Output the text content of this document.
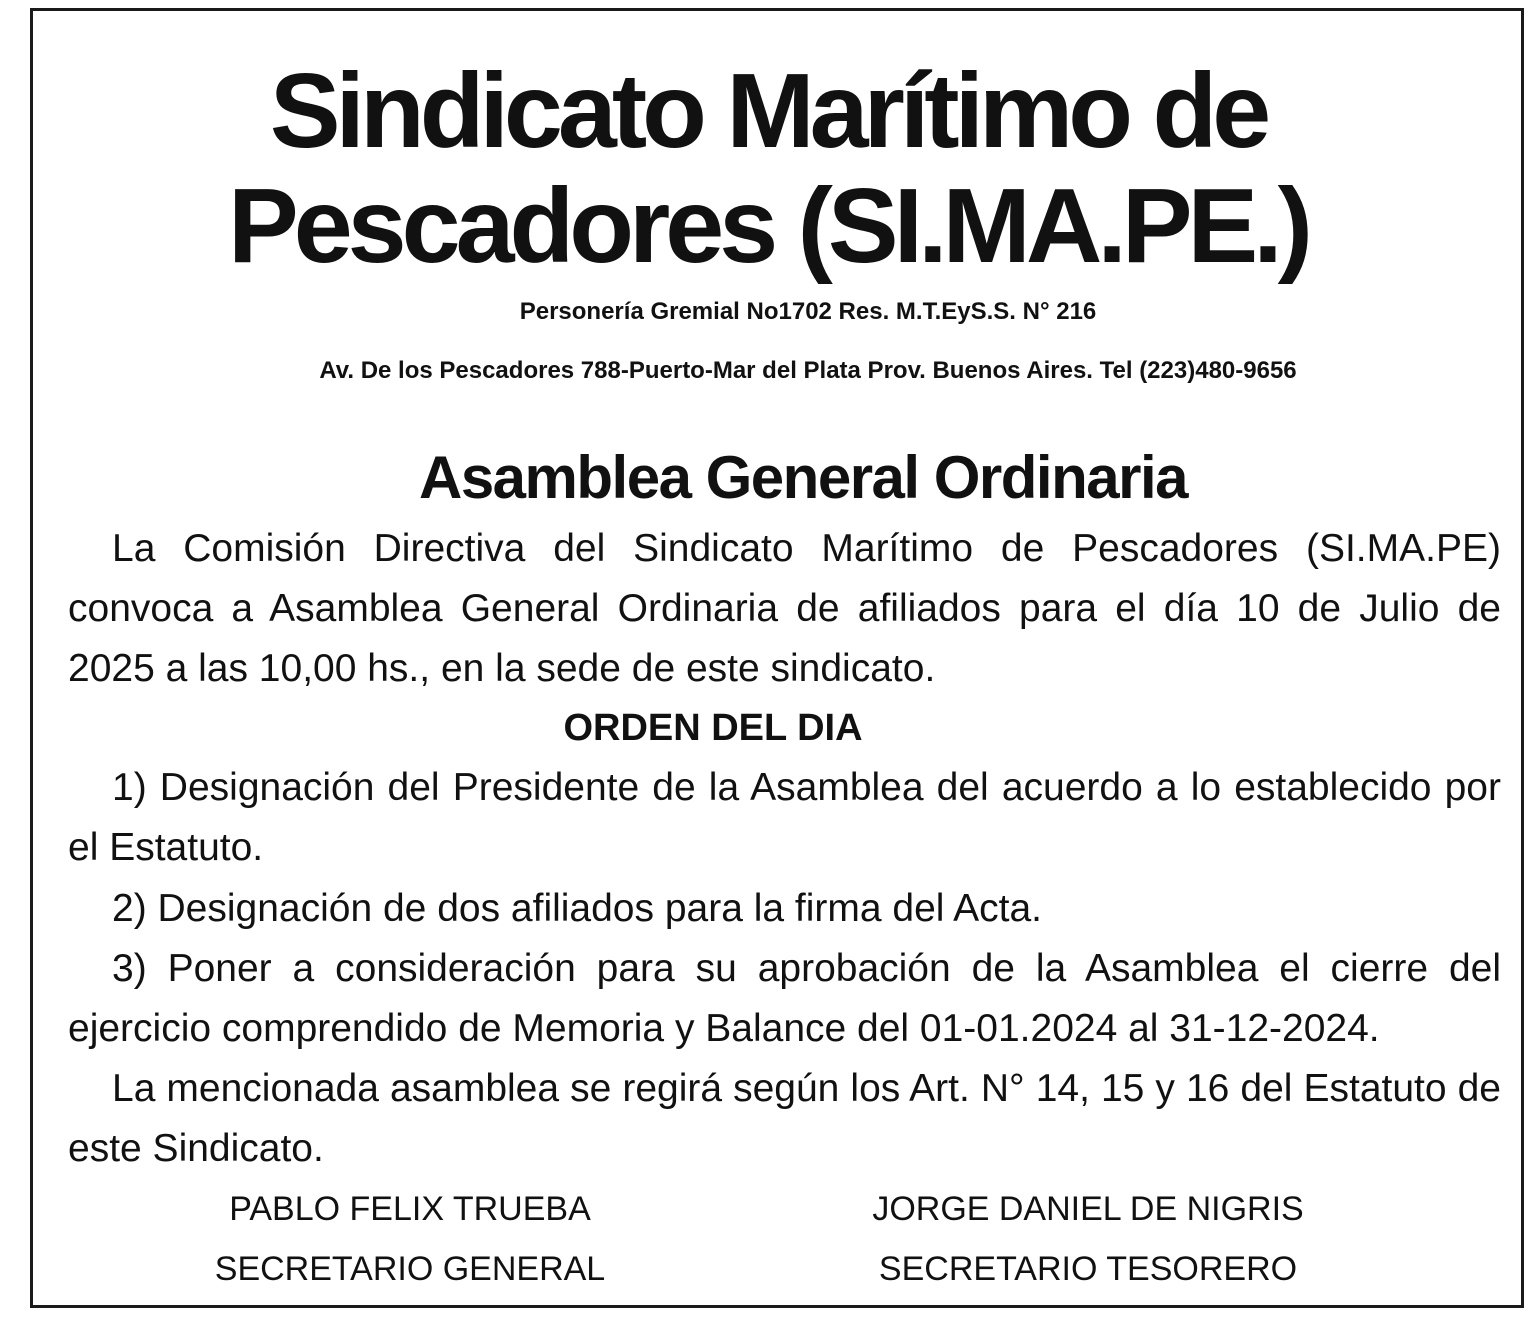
Sindicato Marítimo de
Pescadores (SI.MA.PE.)

Personería Gremial No1702 Res. M.T.EyS.S. N° 216

Av. De los Pescadores 788-Puerto-Mar del Plata Prov. Buenos Aires. Tel (223)480-9656

Asamblea General Ordinaria

La Comisión Directiva del Sindicato Marítimo de Pescadores (SI.MA.PE) convoca a Asamblea General Ordinaria de afiliados para el día 10 de Julio de 2025 a las 10,00 hs., en la sede de este sindicato.

ORDEN DEL DIA

1) Designación del Presidente de la Asamblea del acuerdo a lo establecido por el Estatuto.

2) Designación de dos afiliados para la firma del Acta.

3) Poner a consideración para su aprobación de la Asamblea el cierre del ejercicio comprendido de Memoria y Balance del 01-01.2024 al 31-12-2024.

La mencionada asamblea se regirá según los Art. N° 14, 15 y 16 del Estatuto de este Sindicato.

PABLO FELIX TRUEBA

SECRETARIO GENERAL

JORGE DANIEL DE NIGRIS

SECRETARIO TESORERO
